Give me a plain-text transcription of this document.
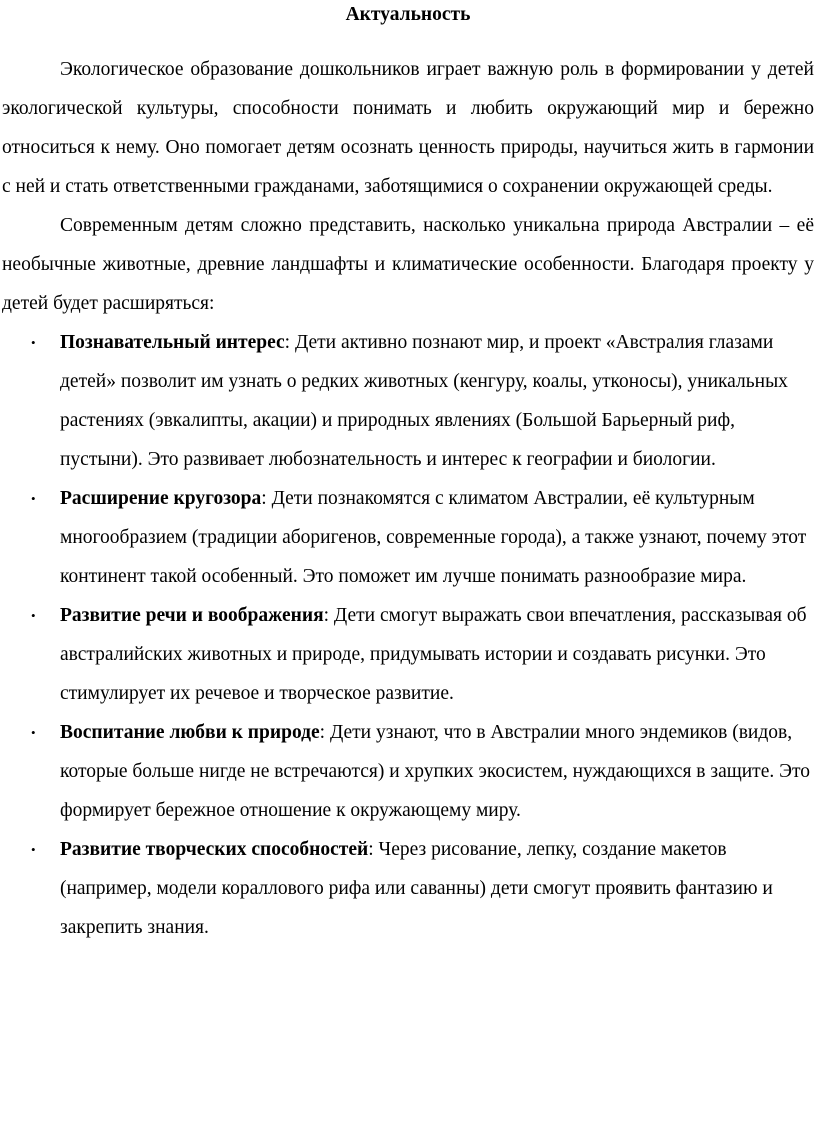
Актуальность

Экологическое образование дошкольников играет важную роль в формировании у детей экологической культуры, способности понимать и любить окружающий мир и бережно относиться к нему. Оно помогает детям осознать ценность природы, научиться жить в гармонии с ней и стать ответственными гражданами, заботящимися о сохранении окружающей среды.

Современным детям сложно представить, насколько уникальна природа Австралии – её необычные животные, древние ландшафты и климатические особенности. Благодаря проекту у детей будет расширяться:

• Познавательный интерес: Дети активно познают мир, и проект «Австралия глазами детей» позволит им узнать о редких животных (кенгуру, коалы, утконосы), уникальных растениях (эвкалипты, акации) и природных явлениях (Большой Барьерный риф, пустыни). Это развивает любознательность и интерес к географии и биологии.
• Расширение кругозора: Дети познакомятся с климатом Австралии, её культурным многообразием (традиции аборигенов, современные города), а также узнают, почему этот континент такой особенный. Это поможет им лучше понимать разнообразие мира.
• Развитие речи и воображения: Дети смогут выражать свои впечатления, рассказывая об австралийских животных и природе, придумывать истории и создавать рисунки. Это стимулирует их речевое и творческое развитие.
• Воспитание любви к природе: Дети узнают, что в Австралии много эндемиков (видов, которые больше нигде не встречаются) и хрупких экосистем, нуждающихся в защите. Это формирует бережное отношение к окружающему миру.
• Развитие творческих способностей: Через рисование, лепку, создание макетов (например, модели кораллового рифа или саванны) дети смогут проявить фантазию и закрепить знания.
